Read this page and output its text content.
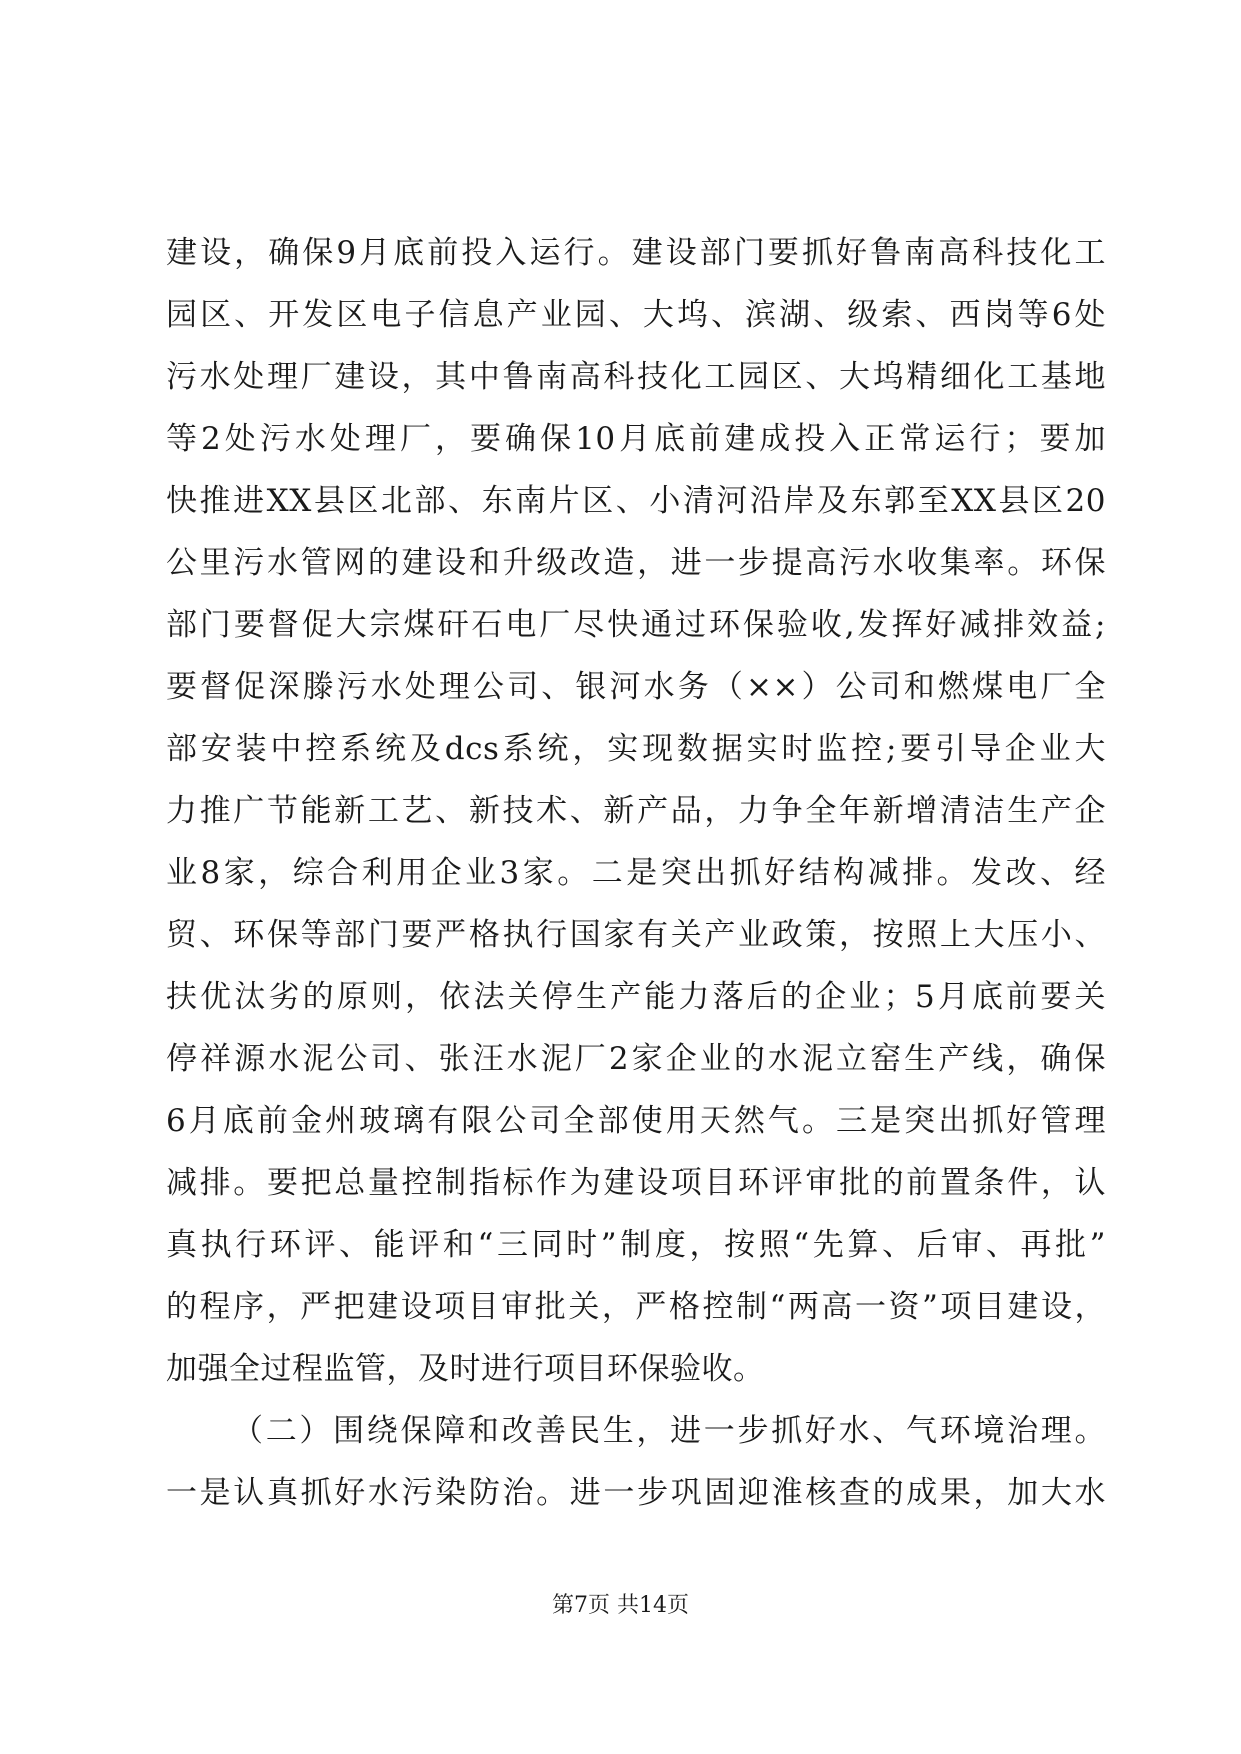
建设，确保9月底前投入运行。建设部门要抓好鲁南高科技化工
园区、开发区电子信息产业园、大坞、滨湖、级索、西岗等6处
污水处理厂建设，其中鲁南高科技化工园区、大坞精细化工基地
等2处污水处理厂，要确保10月底前建成投入正常运行；要加
快推进XX县区北部、东南片区、小清河沿岸及东郭至XX县区20
公里污水管网的建设和升级改造，进一步提高污水收集率。环保
部门要督促大宗煤矸石电厂尽快通过环保验收,发挥好减排效益;
要督促深滕污水处理公司、银河水务（××）公司和燃煤电厂全
部安装中控系统及dcs系统，实现数据实时监控;要引导企业大
力推广节能新工艺、新技术、新产品，力争全年新增清洁生产企
业8家，综合利用企业3家。二是突出抓好结构减排。发改、经
贸、环保等部门要严格执行国家有关产业政策，按照上大压小、
扶优汰劣的原则，依法关停生产能力落后的企业；5月底前要关
停祥源水泥公司、张汪水泥厂2家企业的水泥立窑生产线，确保
6月底前金州玻璃有限公司全部使用天然气。三是突出抓好管理
减排。要把总量控制指标作为建设项目环评审批的前置条件，认
真执行环评、能评和“三同时”制度，按照“先算、后审、再批”
的程序，严把建设项目审批关，严格控制“两高一资”项目建设，
加强全过程监管，及时进行项目环保验收。
（二）围绕保障和改善民生，进一步抓好水、气环境治理。
一是认真抓好水污染防治。进一步巩固迎淮核查的成果，加大水
第7页 共14页
